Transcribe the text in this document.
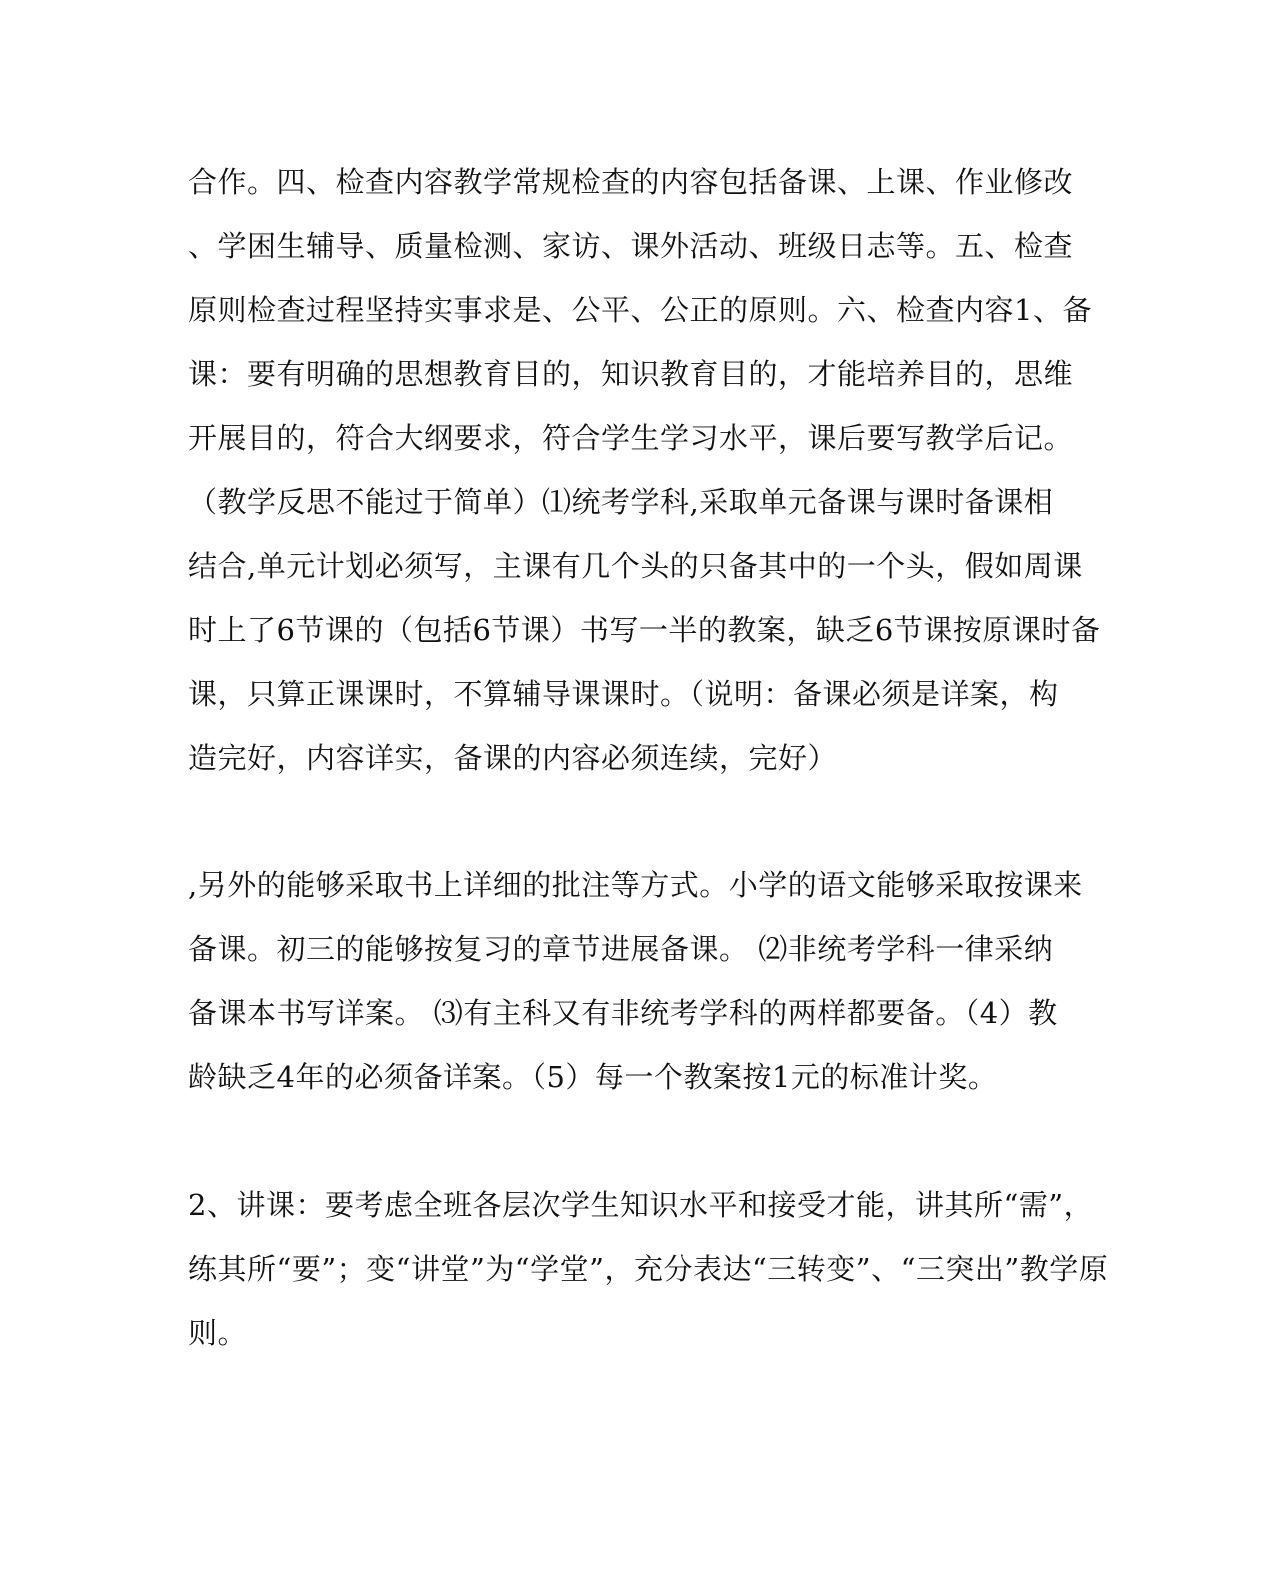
合作。四、检查内容教学常规检查的内容包括备课、上课、作业修改
、学困生辅导、质量检测、家访、课外活动、班级日志等。五、检查
原则检查过程坚持实事求是、公平、公正的原则。六、检查内容1、备
课：要有明确的思想教育目的，知识教育目的，才能培养目的，思维
开展目的，符合大纲要求，符合学生学习水平，课后要写教学后记。
（教学反思不能过于简单）⑴统考学科,采取单元备课与课时备课相
结合,单元计划必须写，主课有几个头的只备其中的一个头，假如周课
时上了6节课的（包括6节课）书写一半的教案，缺乏6节课按原课时备
课，只算正课课时，不算辅导课课时。（说明：备课必须是详案，构
造完好，内容详实，备课的内容必须连续，完好）
,另外的能够采取书上详细的批注等方式。小学的语文能够采取按课来
备课。初三的能够按复习的章节进展备课。 ⑵非统考学科一律采纳
备课本书写详案。 ⑶有主科又有非统考学科的两样都要备。（4）教
龄缺乏4年的必须备详案。（5）每一个教案按1元的标准计奖。
2、讲课：要考虑全班各层次学生知识水平和接受才能，讲其所“需”，
练其所“要”；变“讲堂”为“学堂”，充分表达“三转变”、“三突出”教学原
则。
